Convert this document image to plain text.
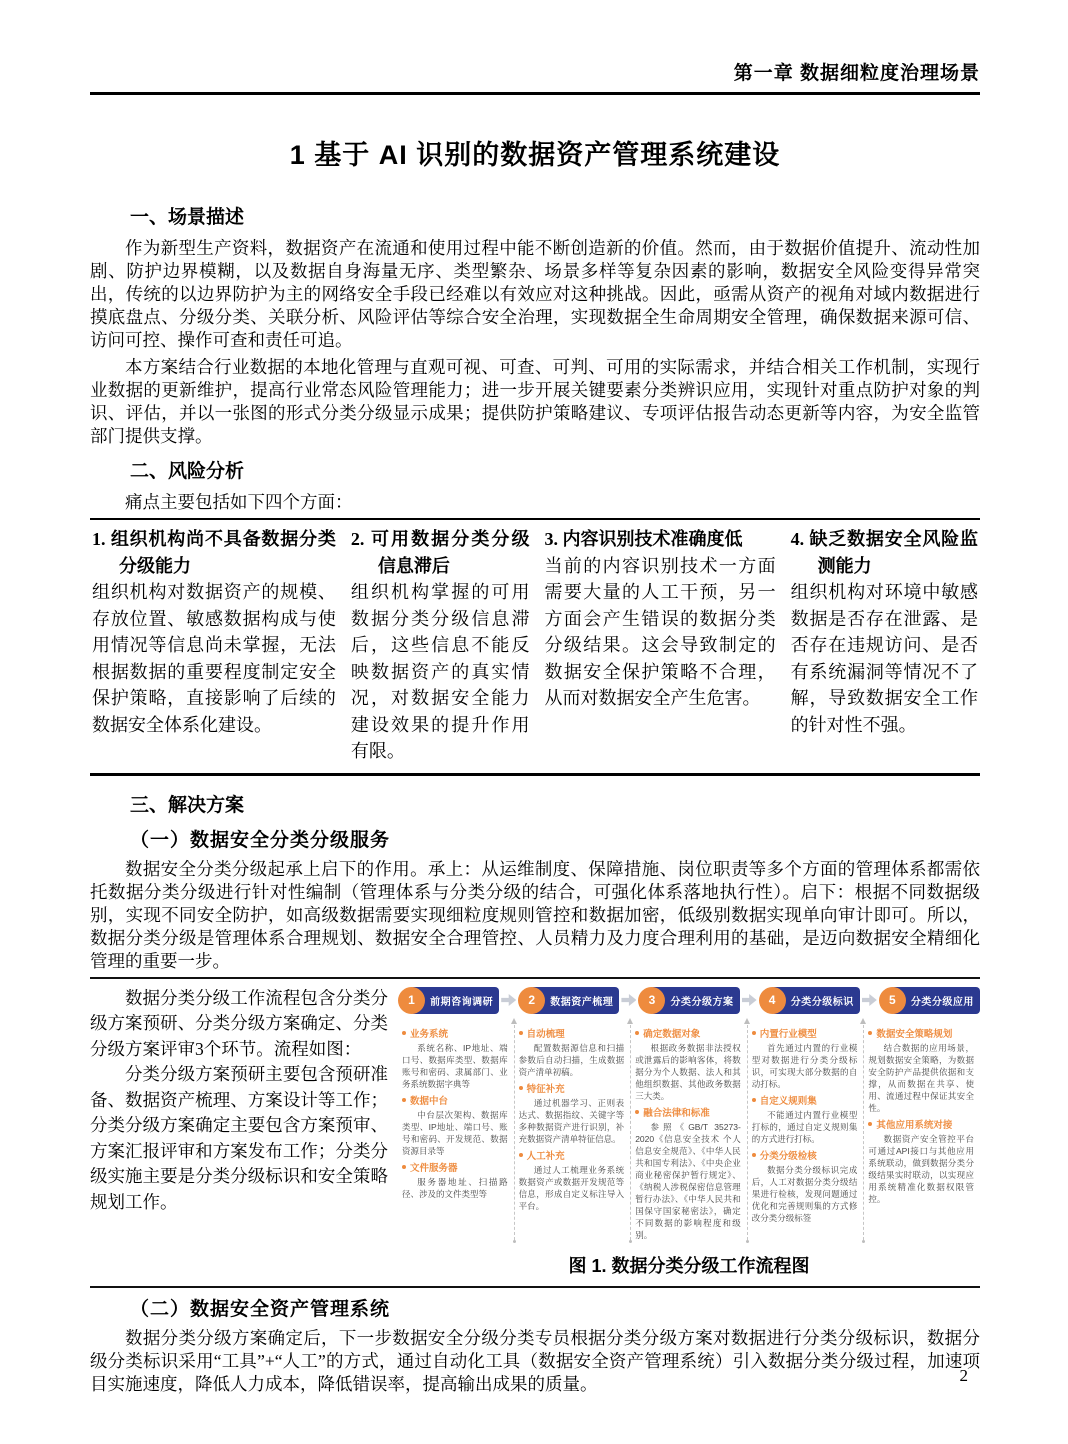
第一章 数据细粒度治理场景
1 基于 AI 识别的数据资产管理系统建设
一、场景描述

作为新型生产资料，数据资产在流通和使用过程中能不断创造新的价值。然而，由于数据价值提升、流动性加剧、防护边界模糊，以及数据自身海量无序、类型繁杂、场景多样等复杂因素的影响，数据安全风险变得异常突出，传统的以边界防护为主的网络安全手段已经难以有效应对这种挑战。因此，亟需从资产的视角对域内数据进行摸底盘点、分级分类、关联分析、风险评估等综合安全治理，实现数据全生命周期安全管理，确保数据来源可信、访问可控、操作可查和责任可追。

本方案结合行业数据的本地化管理与直观可视、可查、可判、可用的实际需求，并结合相关工作机制，实现行业数据的更新维护，提高行业常态风险管理能力；进一步开展关键要素分类辨识应用，实现针对重点防护对象的判识、评估，并以一张图的形式分类分级显示成果；提供防护策略建议、专项评估报告动态更新等内容，为安全监管部门提供支撑。

二、风险分析

痛点主要包括如下四个方面：

1. 组织机构尚不具备数据分类分级能力
组织机构对数据资产的规模、存放位置、敏感数据构成与使用情况等信息尚未掌握，无法根据数据的重要程度制定安全保护策略，直接影响了后续的数据安全体系化建设。
2. 可用数据分类分级信息滞后
组织机构掌握的可用数据分类分级信息滞后，这些信息不能反映数据资产的真实情况，对数据安全能力建设效果的提升作用有限。
3. 内容识别技术准确度低
当前的内容识别技术一方面需要大量的人工干预，另一方面会产生错误的数据分类分级结果。这会导致制定的数据安全保护策略不合理，从而对数据安全产生危害。
4. 缺乏数据安全风险监测能力
组织机构对环境中敏感数据是否存在泄露、是否存在违规访问、是否有系统漏洞等情况不了解，导致数据安全工作的针对性不强。
三、解决方案
（一）数据安全分类分级服务

数据安全分类分级起承上启下的作用。承上：从运维制度、保障措施、岗位职责等多个方面的管理体系都需依托数据分类分级进行针对性编制（管理体系与分类分级的结合，可强化体系落地执行性）。启下：根据不同数据级别，实现不同安全防护，如高级数据需要实现细粒度规则管控和数据加密，低级别数据实现单向审计即可。所以，数据分类分级是管理体系合理规划、数据安全合理管控、人员精力及力度合理利用的基础，是迈向数据安全精细化管理的重要一步。

数据分类分级工作流程包含分类分级方案预研、分类分级方案确定、分类分级方案评审3个环节。流程如图：

分类分级方案预研主要包含预研准备、数据资产梳理、方案设计等工作；分类分级方案确定主要包含方案预审、方案汇报评审和方案发布工作；分类分级实施主要是分类分级标识和安全策略规划工作。

1	前期咨询调研	2	数据资产梳理	3	分类分级方案	4	分类分级标识	5	分类分级应用
业务系统
系统名称、IP地址、端口号、数据库类型、数据库账号和密码、隶属部门、业务系统数据字典等
数据中台
中台层次架构、数据库类型、IP地址、端口号、账号和密码、开发规范、数据资源目录等
文件服务器
服务器地址、扫描路径、涉及的文件类型等
自动梳理
配置数据源信息和扫描参数后自动扫描，生成数据资产清单初稿。
特征补充
通过机器学习、正则表达式、数据指纹、关键字等多种数据资产进行识别，补充数据资产清单特征信息。
人工补充
通过人工梳理业务系统数据资产或数据开发规范等信息，形成自定义标注导入平台。
确定数据对象
根据政务数据非法授权或泄露后的影响客体，将数据分为个人数据、法人和其他组织数据、其他政务数据三大类。
融合法律和标准
参照《GB/T 35273-2020《信息安全技术 个人信息安全规范》、《中华人民共和国专利法》、《中央企业商业秘密保护暂行规定》、《纳税人涉税保密信息管理暂行办法》、《中华人民共和国保守国家秘密法》，确定不同数据的影响程度和级别。
内置行业模型
首先通过内置的行业模型对数据进行分类分级标识，可实现大部分数据的自动打标。
自定义规则集
不能通过内置行业模型打标的，通过自定义规则集的方式进行打标。
分类分级检核
数据分类分级标识完成后，人工对数据分类分级结果进行检核，发现问题通过优化和完善规则集的方式修改分类分级标签
数据安全策略规划
结合数据的应用场景，规划数据安全策略，为数据安全防护产品提供依据和支撑，从而数据在共享、使用、流通过程中保证其安全性。
其他应用系统对接
数据资产安全管控平台可通过API接口与其他应用系统联动，做到数据分类分级结果实时联动，以实现应用系统精准化数据权限管控。
图 1. 数据分类分级工作流程图
（二）数据安全资产管理系统

数据分类分级方案确定后，下一步数据安全分级分类专员根据分类分级方案对数据进行分类分级标识，数据分级分类标识采用“工具”+“人工”的方式，通过自动化工具（数据安全资产管理系统）引入数据分类分级过程，加速项目实施速度，降低人力成本，降低错误率，提高输出成果的质量。	2
